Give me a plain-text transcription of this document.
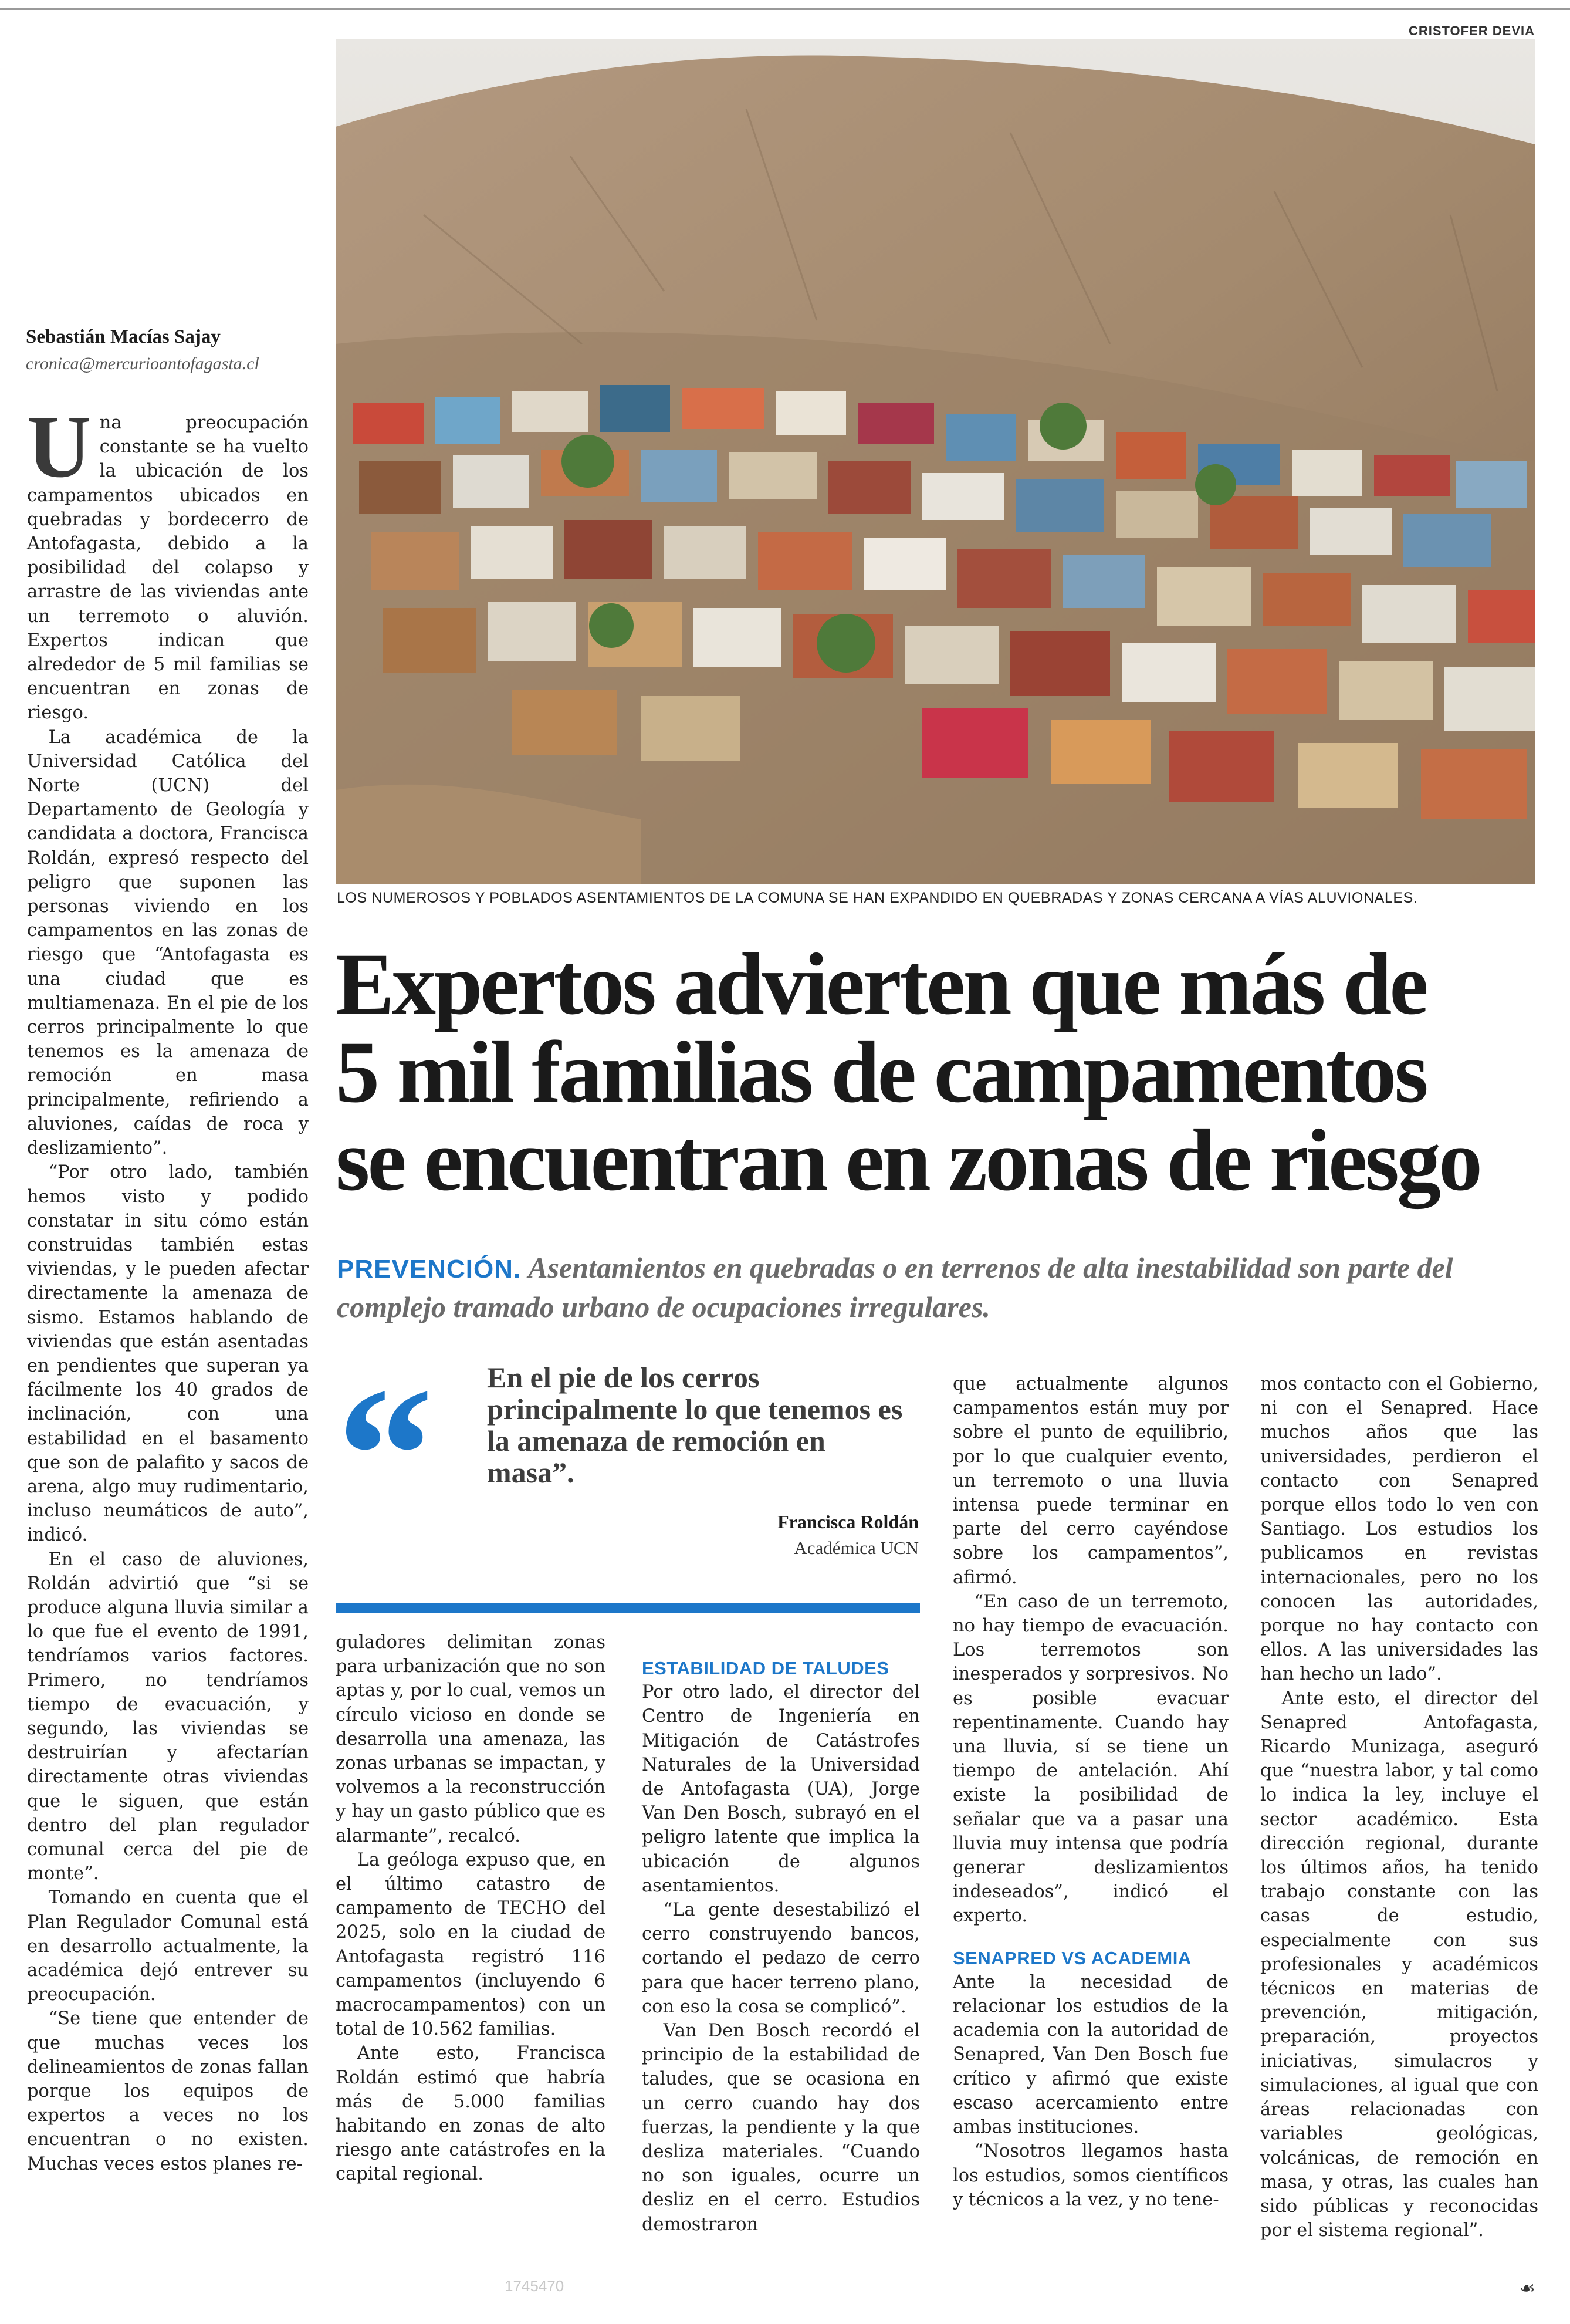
CRISTOFER DEVIA
LOS NUMEROSOS Y POBLADOS ASENTAMIENTOS DE LA COMUNA SE HAN EXPANDIDO EN QUEBRADAS Y ZONAS CERCANA A VÍAS ALUVIONALES.
Expertos advierten que más de
5 mil familias de campamentos
se encuentran en zonas de riesgo
PREVENCIÓN. Asentamientos en quebradas o en terrenos de alta inestabilidad son parte del complejo tramado urbano de ocupaciones irregulares.
Sebastián Macías Sajay
cronica@mercurioantofagasta.cl

Una preocupación constante se ha vuelto la ubicación de los campamentos ubicados en quebradas y bordecerro de Antofagasta, debido a la posibilidad del colapso y arrastre de las viviendas ante un terremoto o aluvión. Expertos indican que alrededor de 5 mil familias se encuentran en zonas de riesgo.

La académica de la Universidad Católica del Norte (UCN) del Departamento de Geología y candidata a doctora, Francisca Roldán, expresó respecto del peligro que suponen las personas viviendo en los campamentos en las zonas de riesgo que “Antofagasta es una ciudad que es multiamenaza. En el pie de los cerros principalmente lo que tenemos es la amenaza de remoción en masa principalmente, refiriendo a aluviones, caídas de roca y deslizamiento”.

“Por otro lado, también hemos visto y podido constatar in situ cómo están construidas también estas viviendas, y le pueden afectar directamente la amenaza de sismo. Estamos hablando de viviendas que están asentadas en pendientes que superan ya fácilmente los 40 grados de inclinación, con una estabilidad en el basamento que son de palafito y sacos de arena, algo muy rudimentario, incluso neumáticos de auto”, indicó.

En el caso de aluviones, Roldán advirtió que “si se produce alguna lluvia similar a lo que fue el evento de 1991, tendríamos varios factores. Primero, no tendríamos tiempo de evacuación, y segundo, las viviendas se destruirían y afectarían directamente otras viviendas que le siguen, que están dentro del plan regulador comunal cerca del pie de monte”.

Tomando en cuenta que el Plan Regulador Comunal está en desarrollo actualmente, la académica dejó entrever su preocupación.

“Se tiene que entender de que muchas veces los delineamientos de zonas fallan porque los equipos de expertos a veces no los encuentran o no existen. Muchas veces estos planes re-

“ En el pie de los cerros principalmente lo que tenemos es la amenaza de remoción en masa”.
Francisca Roldán
Académica UCN

guladores delimitan zonas para urbanización que no son aptas y, por lo cual, vemos un círculo vicioso en donde se desarrolla una amenaza, las zonas urbanas se impactan, y volvemos a la reconstrucción y hay un gasto público que es alarmante”, recalcó.

La geóloga expuso que, en el último catastro de campamento de TECHO del 2025, solo en la ciudad de Antofagasta registró 116 campamentos (incluyendo 6 macrocampamentos) con un total de 10.562 familias.

Ante esto, Francisca Roldán estimó que habría más de 5.000 familias habitando en zonas de alto riesgo ante catástrofes en la capital regional.

ESTABILIDAD DE TALUDES

Por otro lado, el director del Centro de Ingeniería en Mitigación de Catástrofes Naturales de la Universidad de Antofagasta (UA), Jorge Van Den Bosch, subrayó en el peligro latente que implica la ubicación de algunos asentamientos.

“La gente desestabilizó el cerro construyendo bancos, cortando el pedazo de cerro para que hacer terreno plano, con eso la cosa se complicó”.

Van Den Bosch recordó el principio de la estabilidad de taludes, que se ocasiona en un cerro cuando hay dos fuerzas, la pendiente y la que desliza materiales. “Cuando no son iguales, ocurre un desliz en el cerro. Estudios demostraron

que actualmente algunos campamentos están muy por sobre el punto de equilibrio, por lo que cualquier evento, un terremoto o una lluvia intensa puede terminar en parte del cerro cayéndose sobre los campamentos”, afirmó.

“En caso de un terremoto, no hay tiempo de evacuación. Los terremotos son inesperados y sorpresivos. No es posible evacuar repentinamente. Cuando hay una lluvia, sí se tiene un tiempo de antelación. Ahí existe la posibilidad de señalar que va a pasar una lluvia muy intensa que podría generar deslizamientos indeseados”, indicó el experto.

SENAPRED VS ACADEMIA

Ante la necesidad de relacionar los estudios de la academia con la autoridad de Senapred, Van Den Bosch fue crítico y afirmó que existe escaso acercamiento entre ambas instituciones.

“Nosotros llegamos hasta los estudios, somos científicos y técnicos a la vez, y no tene-

mos contacto con el Gobierno, ni con el Senapred. Hace muchos años que las universidades, perdieron el contacto con Senapred porque ellos todo lo ven con Santiago. Los estudios los publicamos en revistas internacionales, pero no los conocen las autoridades, porque no hay contacto con ellos. A las universidades las han hecho un lado”.

Ante esto, el director del Senapred Antofagasta, Ricardo Munizaga, aseguró que “nuestra labor, y tal como lo indica la ley, incluye el sector académico. Esta dirección regional, durante los últimos años, ha tenido trabajo constante con las casas de estudio, especialmente con sus profesionales y académicos técnicos en materias de prevención, mitigación, preparación, proyectos iniciativas, simulacros y simulaciones, al igual que con áreas relacionadas con variables geológicas, volcánicas, de remoción en masa, y otras, las cuales han sido públicas y reconocidas por el sistema regional”.

1745470	☙
